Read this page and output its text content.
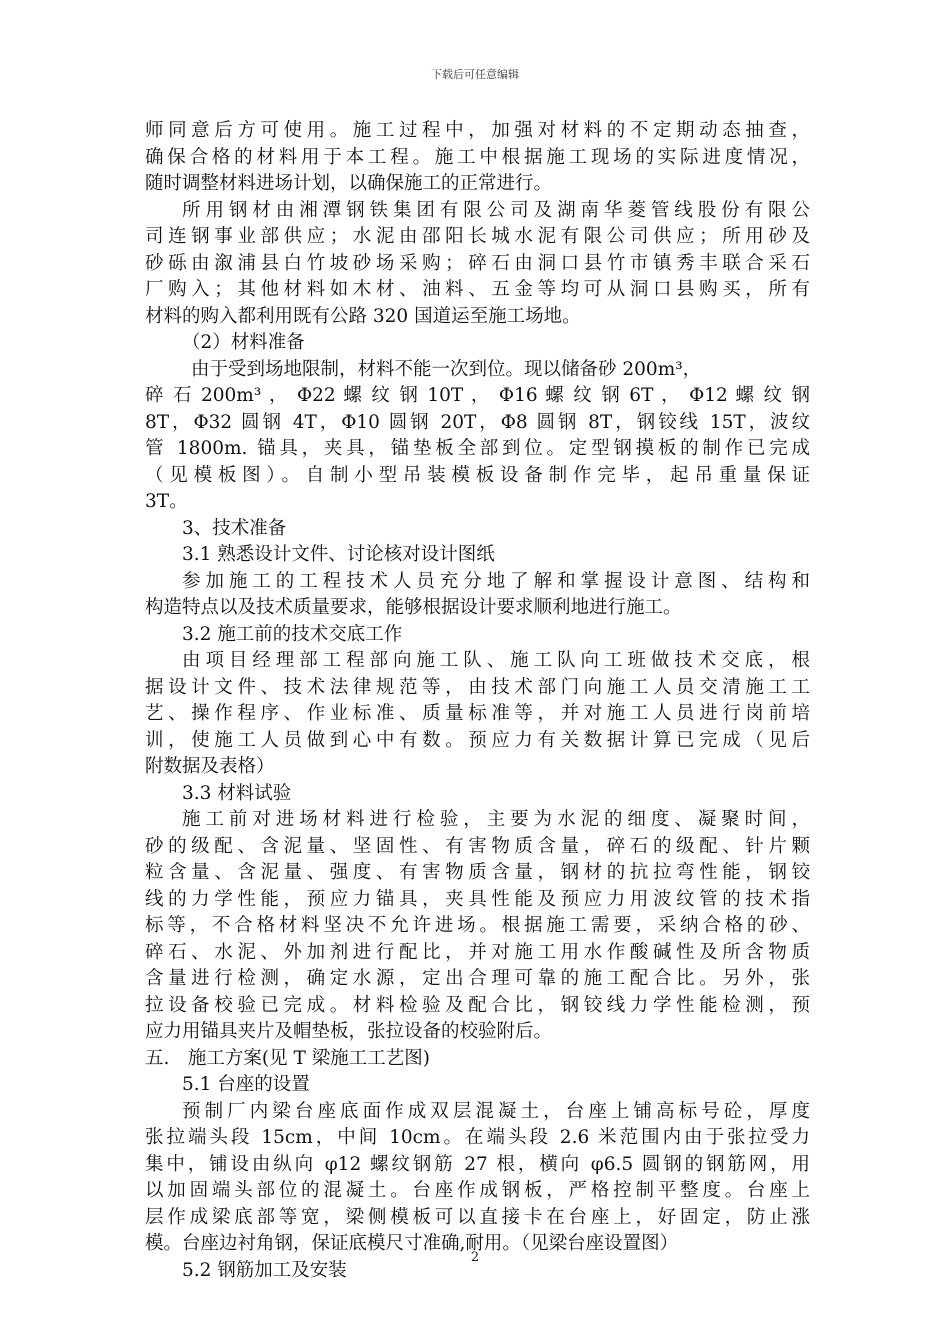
下载后可任意编辑
师同意后方可使用。施工过程中，加强对材料的不定期动态抽查，
确保合格的材料用于本工程。施工中根据施工现场的实际进度情况，
随时调整材料进场计划，以确保施工的正常进行。
所用钢材由湘潭钢铁集团有限公司及湖南华菱管线股份有限公
司连钢事业部供应；水泥由邵阳长城水泥有限公司供应；所用砂及
砂砾由溆浦县白竹坡砂场采购；碎石由洞口县竹市镇秀丰联合采石
厂购入；其他材料如木材、油料、五金等均可从洞口县购买，所有
材料的购入都利用既有公路 320 国道运至施工场地。
（2）材料准备
由于受到场地限制，材料不能一次到位。现以储备砂 200m³，
碎 石 200m³ ， Φ22 螺 纹 钢 10T ， Φ16 螺 纹 钢 6T ， Φ12 螺 纹 钢
8T，Φ32 圆钢 4T，Φ10 圆钢 20T，Φ8 圆钢 8T，钢铰线 15T，波纹
管 1800m. 锚具，夹具，锚垫板全部到位。定型钢摸板的制作已完成
（见模板图）。自制小型吊装模板设备制作完毕，起吊重量保证
3T。
3、技术准备
3.1 熟悉设计文件、讨论核对设计图纸
参加施工的工程技术人员充分地了解和掌握设计意图、结构和
构造特点以及技术质量要求，能够根据设计要求顺利地进行施工。
3.2 施工前的技术交底工作
由项目经理部工程部向施工队、施工队向工班做技术交底，根
据设计文件、技术法律规范等，由技术部门向施工人员交清施工工
艺、操作程序、作业标准、质量标准等，并对施工人员进行岗前培
训，使施工人员做到心中有数。预应力有关数据计算已完成（见后
附数据及表格）
3.3 材料试验
施工前对进场材料进行检验，主要为水泥的细度、凝聚时间，
砂的级配、含泥量、坚固性、有害物质含量，碎石的级配、针片颗
粒含量、含泥量、强度、有害物质含量，钢材的抗拉弯性能，钢铰
线的力学性能，预应力锚具，夹具性能及预应力用波纹管的技术指
标等，不合格材料坚决不允许进场。根据施工需要，采纳合格的砂、
碎石、水泥、外加剂进行配比，并对施工用水作酸碱性及所含物质
含量进行检测，确定水源，定出合理可靠的施工配合比。另外，张
拉设备校验已完成。材料检验及配合比，钢铰线力学性能检测，预
应力用锚具夹片及帽垫板，张拉设备的校验附后。
五.　施工方案(见 T 梁施工工艺图)
5.1 台座的设置
预制厂内梁台座底面作成双层混凝土，台座上铺高标号砼，厚度
张拉端头段 15cm，中间 10cm。在端头段 2.6 米范围内由于张拉受力
集中，铺设由纵向 φ12 螺纹钢筋 27 根，横向 φ6.5 圆钢的钢筋网，用
以加固端头部位的混凝土。台座作成钢板，严格控制平整度。台座上
层作成梁底部等宽，梁侧模板可以直接卡在台座上，好固定，防止涨
模。台座边衬角钢，保证底模尺寸准确,耐用。（见梁台座设置图）
5.2 钢筋加工及安装
2
